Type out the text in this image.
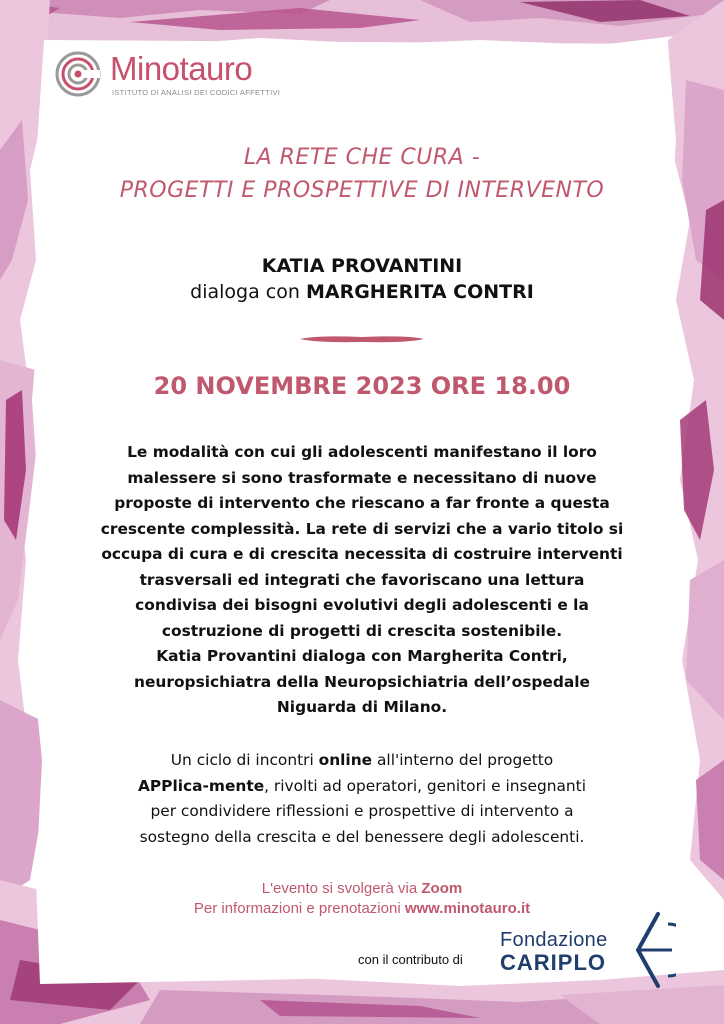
Minotauro
ISTITUTO DI ANALISI DEI CODICI AFFETTIVI
LA RETE CHE CURA -
PROGETTI E PROSPETTIVE DI INTERVENTO
KATIA PROVANTINI
dialoga con MARGHERITA CONTRI
20 NOVEMBRE 2023 ORE 18.00
Le modalità con cui gli adolescenti manifestano il loro
malessere si sono trasformate e necessitano di nuove
proposte di intervento che riescano a far fronte a questa
crescente complessità. La rete di servizi che a vario titolo si
occupa di cura e di crescita necessita di costruire interventi
trasversali ed integrati che favoriscano una lettura
condivisa dei bisogni evolutivi degli adolescenti e la
costruzione di progetti di crescita sostenibile.
Katia Provantini dialoga con Margherita Contri,
neuropsichiatra della Neuropsichiatria dell’ospedale
Niguarda di Milano.
Un ciclo di incontri online all'interno del progetto
APPlica-mente, rivolti ad operatori, genitori e insegnanti
per condividere riflessioni e prospettive di intervento a
sostegno della crescita e del benessere degli adolescenti.
L'evento si svolgerà via Zoom
Per informazioni e prenotazioni www.minotauro.it
con il contributo di
Fondazione
CARIPLO
